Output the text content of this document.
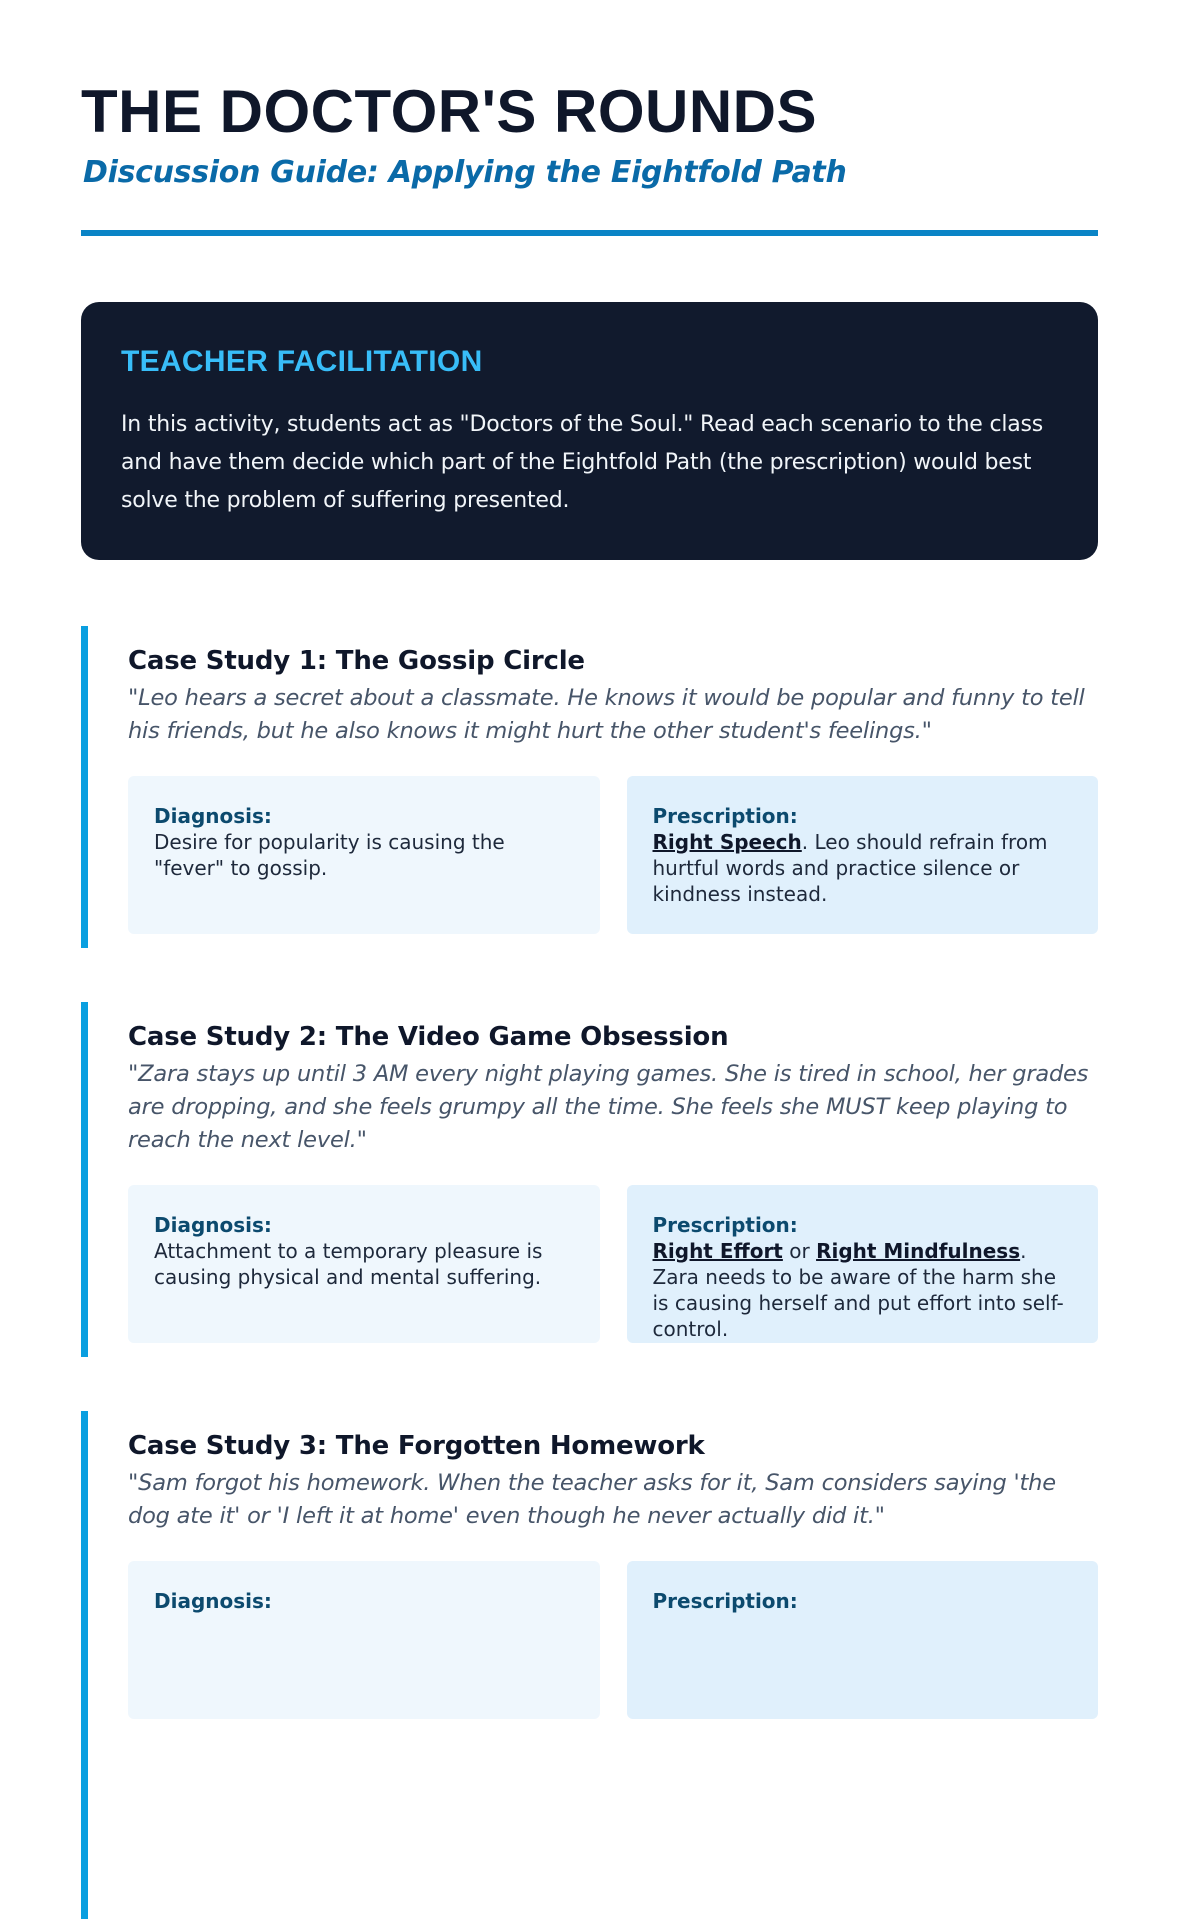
THE DOCTOR'S ROUNDS
Discussion Guide: Applying the Eightfold Path
TEACHER FACILITATION

In this activity, students act as "Doctors of the Soul." Read each scenario to the class and have them decide which part of the Eightfold Path (the prescription) would best solve the problem of suffering presented.

Case Study 1: The Gossip Circle

"Leo hears a secret about a classmate. He knows it would be popular and funny to tell his friends, but he also knows it might hurt the other student's feelings."

Diagnosis:
Desire for popularity is causing the "fever" to gossip.
Prescription:
Right Speech. Leo should refrain from hurtful words and practice silence or kindness instead.
Case Study 2: The Video Game Obsession

"Zara stays up until 3 AM every night playing games. She is tired in school, her grades are dropping, and she feels grumpy all the time. She feels she MUST keep playing to reach the next level."

Diagnosis:
Attachment to a temporary pleasure is causing physical and mental suffering.
Prescription:
Right Effort or Right Mindfulness. Zara needs to be aware of the harm she is causing herself and put effort into self-control.
Case Study 3: The Forgotten Homework

"Sam forgot his homework. When the teacher asks for it, Sam considers saying 'the dog ate it' or 'I left it at home' even though he never actually did it."

Diagnosis:	Prescription:
